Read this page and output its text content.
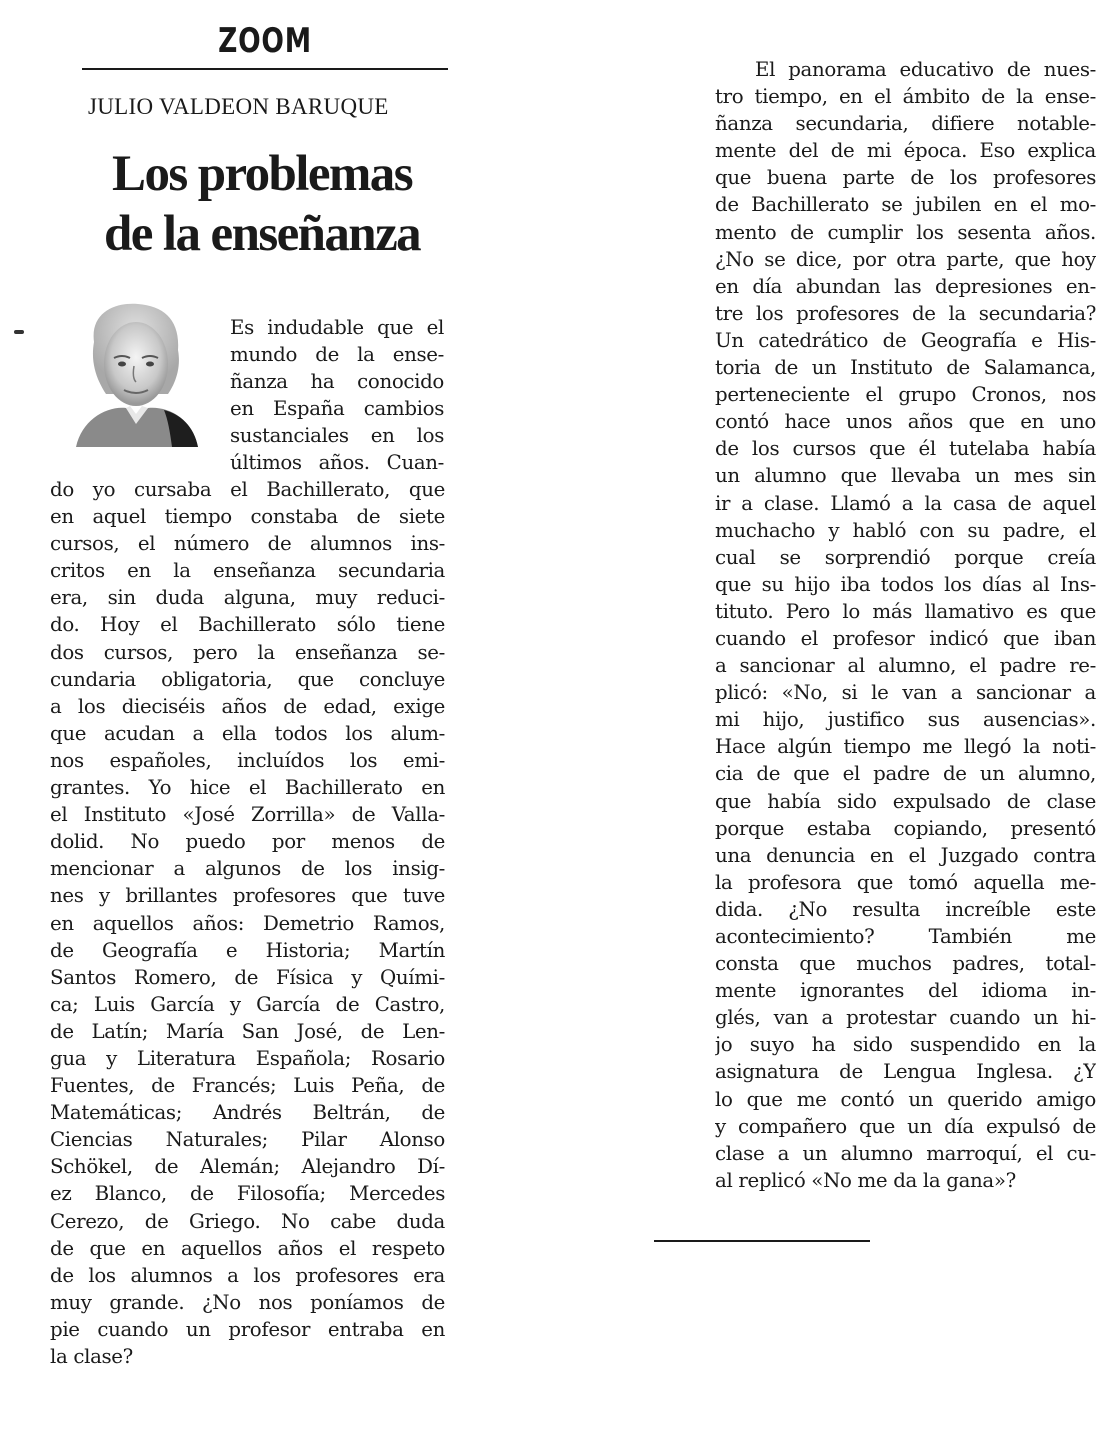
ZOOM
JULIO VALDEON BARUQUE
Los problemas
de la enseñanza
Es indudable que el
mundo de la ense-
ñanza ha conocido
en España cambios
sustanciales en los
últimos años. Cuan-
do yo cursaba el Bachillerato, que
en aquel tiempo constaba de siete
cursos, el número de alumnos ins-
critos en la enseñanza secundaria
era, sin duda alguna, muy reduci-
do. Hoy el Bachillerato sólo tiene
dos cursos, pero la enseñanza se-
cundaria obligatoria, que concluye
a los dieciséis años de edad, exige
que acudan a ella todos los alum-
nos españoles, incluídos los emi-
grantes. Yo hice el Bachillerato en
el Instituto «José Zorrilla» de Valla-
dolid. No puedo por menos de
mencionar a algunos de los insig-
nes y brillantes profesores que tuve
en aquellos años: Demetrio Ramos,
de Geografía e Historia; Martín
Santos Romero, de Física y Quími-
ca; Luis García y García de Castro,
de Latín; María San José, de Len-
gua y Literatura Española; Rosario
Fuentes, de Francés; Luis Peña, de
Matemáticas; Andrés Beltrán, de
Ciencias Naturales; Pilar Alonso
Schökel, de Alemán; Alejandro Dí-
ez Blanco, de Filosofía; Mercedes
Cerezo, de Griego. No cabe duda
de que en aquellos años el respeto
de los alumnos a los profesores era
muy grande. ¿No nos poníamos de
pie cuando un profesor entraba en
la clase?
El panorama educativo de nues-
tro tiempo, en el ámbito de la ense-
ñanza secundaria, difiere notable-
mente del de mi época. Eso explica
que buena parte de los profesores
de Bachillerato se jubilen en el mo-
mento de cumplir los sesenta años.
¿No se dice, por otra parte, que hoy
en día abundan las depresiones en-
tre los profesores de la secundaria?
Un catedrático de Geografía e His-
toria de un Instituto de Salamanca,
perteneciente el grupo Cronos, nos
contó hace unos años que en uno
de los cursos que él tutelaba había
un alumno que llevaba un mes sin
ir a clase. Llamó a la casa de aquel
muchacho y habló con su padre, el
cual se sorprendió porque creía
que su hijo iba todos los días al Ins-
tituto. Pero lo más llamativo es que
cuando el profesor indicó que iban
a sancionar al alumno, el padre re-
plicó: «No, si le van a sancionar a
mi hijo, justifico sus ausencias».
Hace algún tiempo me llegó la noti-
cia de que el padre de un alumno,
que había sido expulsado de clase
porque estaba copiando, presentó
una denuncia en el Juzgado contra
la profesora que tomó aquella me-
dida. ¿No resulta increíble este
acontecimiento? También me
consta que muchos padres, total-
mente ignorantes del idioma in-
glés, van a protestar cuando un hi-
jo suyo ha sido suspendido en la
asignatura de Lengua Inglesa. ¿Y
lo que me contó un querido amigo
y compañero que un día expulsó de
clase a un alumno marroquí, el cu-
al replicó «No me da la gana»?
